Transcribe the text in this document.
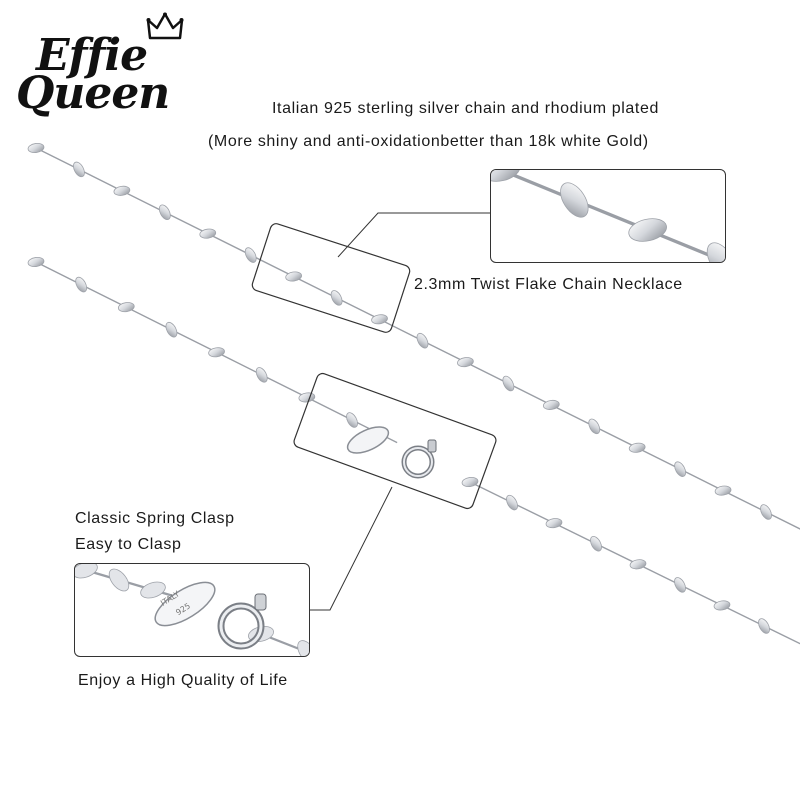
Effie
Queen	Italian 925 sterling silver chain and rhodium plated
(More shiny and anti-oxidationbetter than 18k white Gold)
2.3mm Twist Flake Chain Necklace
Classic Spring Clasp
Easy to Clasp
Enjoy a High Quality of Life
ITALY
925
